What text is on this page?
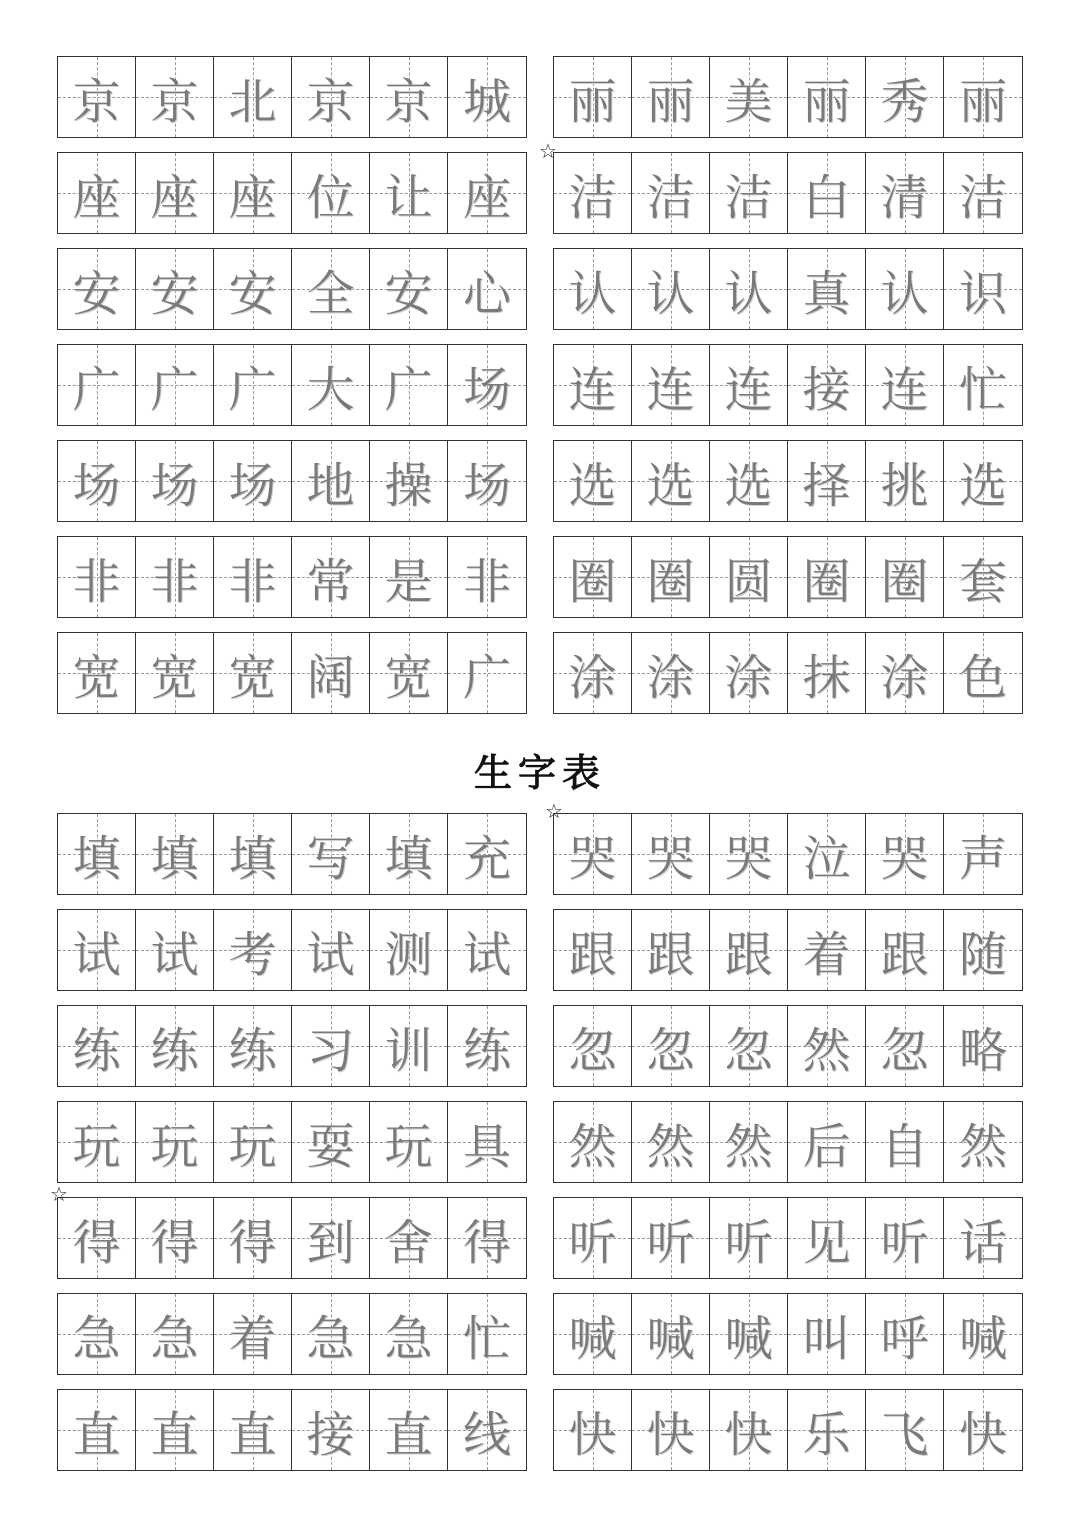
京 京 北 京 京 城
座 座 座 位 让 座
安 安 安 全 安 心
广 广 广 大 广 场
场 场 场 地 操 场
非 非 非 常 是 非
宽 宽 宽 阔 宽 广
丽 丽 美 丽 秀 丽
洁 洁 洁 白 清 洁
认 认 认 真 认 识
连 连 连 接 连 忙
选 选 选 择 挑 选
圈 圈 圆 圈 圈 套
涂 涂 涂 抹 涂 色
生字表
填 填 填 写 填 充
试 试 考 试 测 试
练 练 练 习 训 练
玩 玩 玩 耍 玩 具
得 得 得 到 舍 得
急 急 着 急 急 忙
直 直 直 接 直 线
哭 哭 哭 泣 哭 声
跟 跟 跟 着 跟 随
忽 忽 忽 然 忽 略
然 然 然 后 自 然
听 听 听 见 听 话
喊 喊 喊 叫 呼 喊
快 快 快 乐 飞 快
☆
☆
☆
